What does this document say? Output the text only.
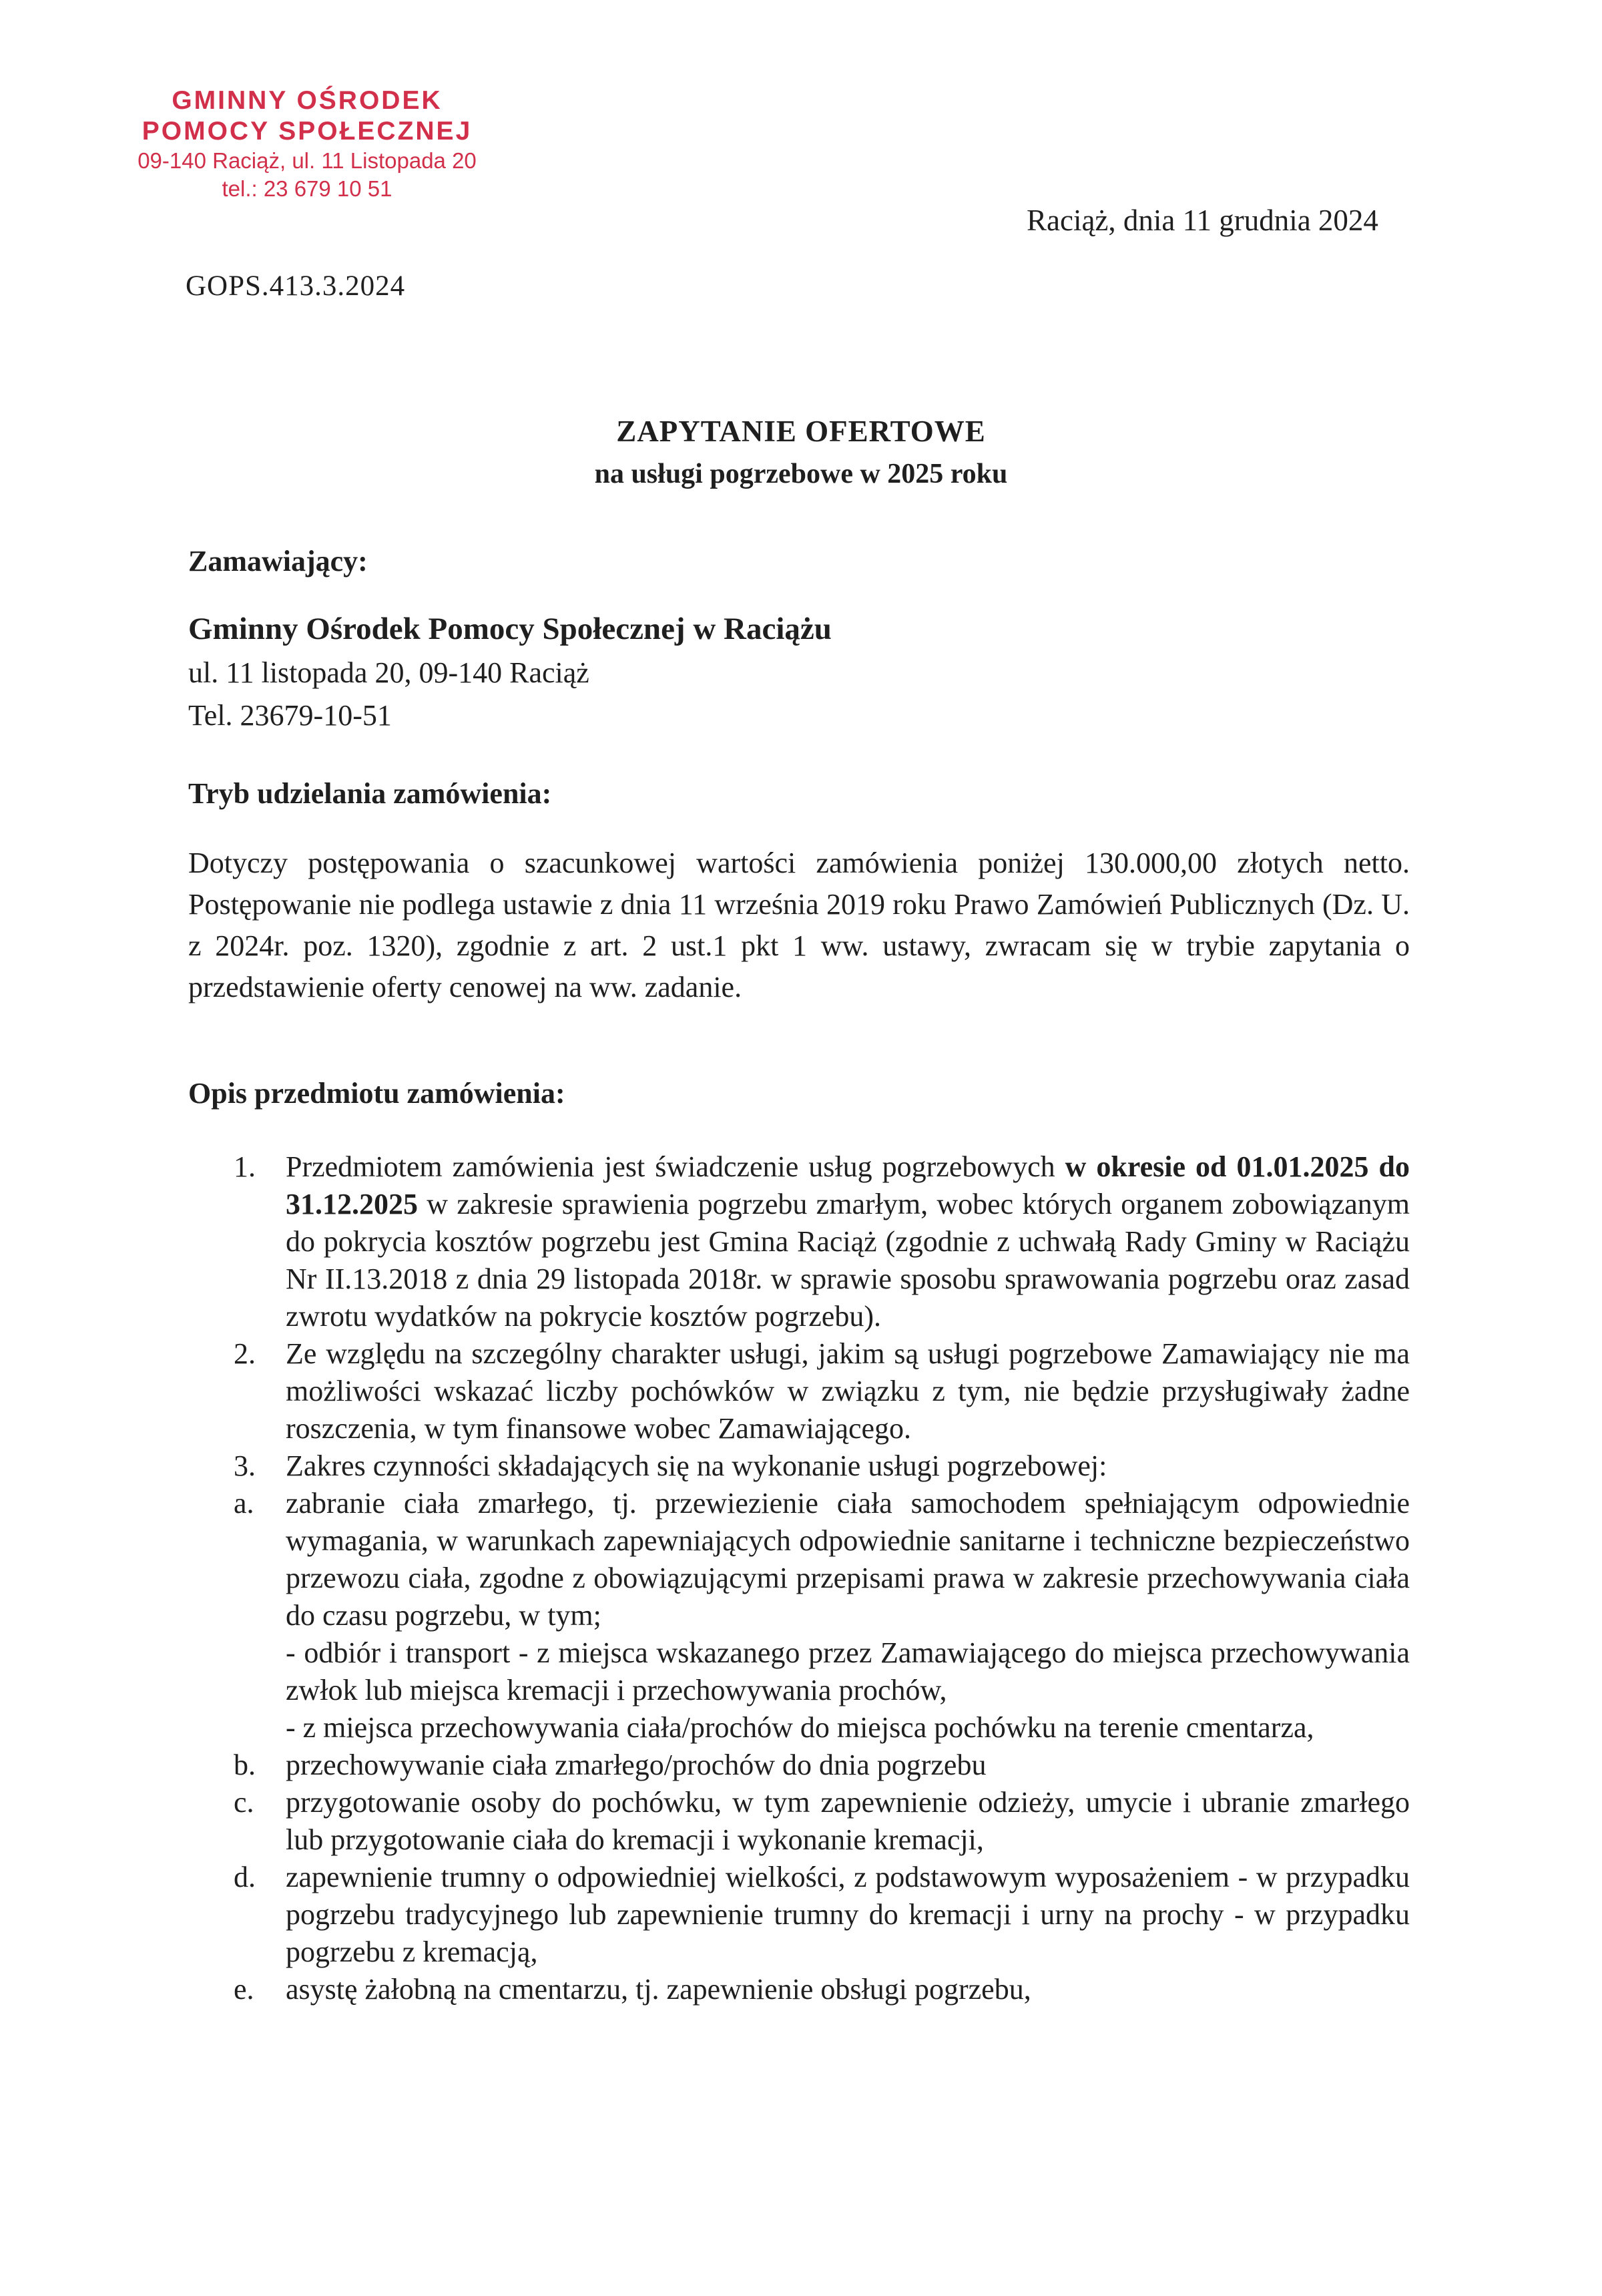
GMINNY OŚRODEK
POMOCY SPOŁECZNEJ
09-140 Raciąż, ul. 11 Listopada 20
tel.: 23 679 10 51
Raciąż, dnia 11 grudnia 2024
GOPS.413.3.2024
ZAPYTANIE OFERTOWE
na usługi pogrzebowe w 2025 roku
Zamawiający:
Gminny Ośrodek Pomocy Społecznej w Raciążu
ul. 11 listopada 20, 09-140 Raciąż
Tel. 23679-10-51
Tryb udzielania zamówienia:
Dotyczy postępowania o szacunkowej wartości zamówienia poniżej 130.000,00 złotych netto. Postępowanie nie podlega ustawie z dnia 11 września 2019 roku Prawo Zamówień Publicznych (Dz. U. z 2024r. poz. 1320), zgodnie z art. 2 ust.1 pkt 1 ww. ustawy, zwracam się w trybie zapytania o przedstawienie oferty cenowej na ww. zadanie.
Opis przedmiotu zamówienia:
1. Przedmiotem zamówienia jest świadczenie usług pogrzebowych w okresie od 01.01.2025 do 31.12.2025 w zakresie sprawienia pogrzebu zmarłym, wobec których organem zobowiązanym do pokrycia kosztów pogrzebu jest Gmina Raciąż (zgodnie z uchwałą Rady Gminy w Raciążu Nr II.13.2018 z dnia 29 listopada 2018r. w sprawie sposobu sprawowania pogrzebu oraz zasad zwrotu wydatków na pokrycie kosztów pogrzebu).
2. Ze względu na szczególny charakter usługi, jakim są usługi pogrzebowe Zamawiający nie ma możliwości wskazać liczby pochówków w związku z tym, nie będzie przysługiwały żadne roszczenia, w tym finansowe wobec Zamawiającego.
3. Zakres czynności składających się na wykonanie usługi pogrzebowej:
a. zabranie ciała zmarłego, tj. przewiezienie ciała samochodem spełniającym odpowiednie wymagania, w warunkach zapewniających odpowiednie sanitarne i techniczne bezpieczeństwo przewozu ciała, zgodne z obowiązującymi przepisami prawa w zakresie przechowywania ciała do czasu pogrzebu, w tym;
- odbiór i transport - z miejsca wskazanego przez Zamawiającego do miejsca przechowywania zwłok lub miejsca kremacji i przechowywania prochów,
- z miejsca przechowywania ciała/prochów do miejsca pochówku na terenie cmentarza,
b. przechowywanie ciała zmarłego/prochów do dnia pogrzebu
c. przygotowanie osoby do pochówku, w tym zapewnienie odzieży, umycie i ubranie zmarłego lub przygotowanie ciała do kremacji i wykonanie kremacji,
d. zapewnienie trumny o odpowiedniej wielkości, z podstawowym wyposażeniem - w przypadku pogrzebu tradycyjnego lub zapewnienie trumny do kremacji i urny na prochy - w przypadku pogrzebu z kremacją,
e. asystę żałobną na cmentarzu, tj. zapewnienie obsługi pogrzebu,
